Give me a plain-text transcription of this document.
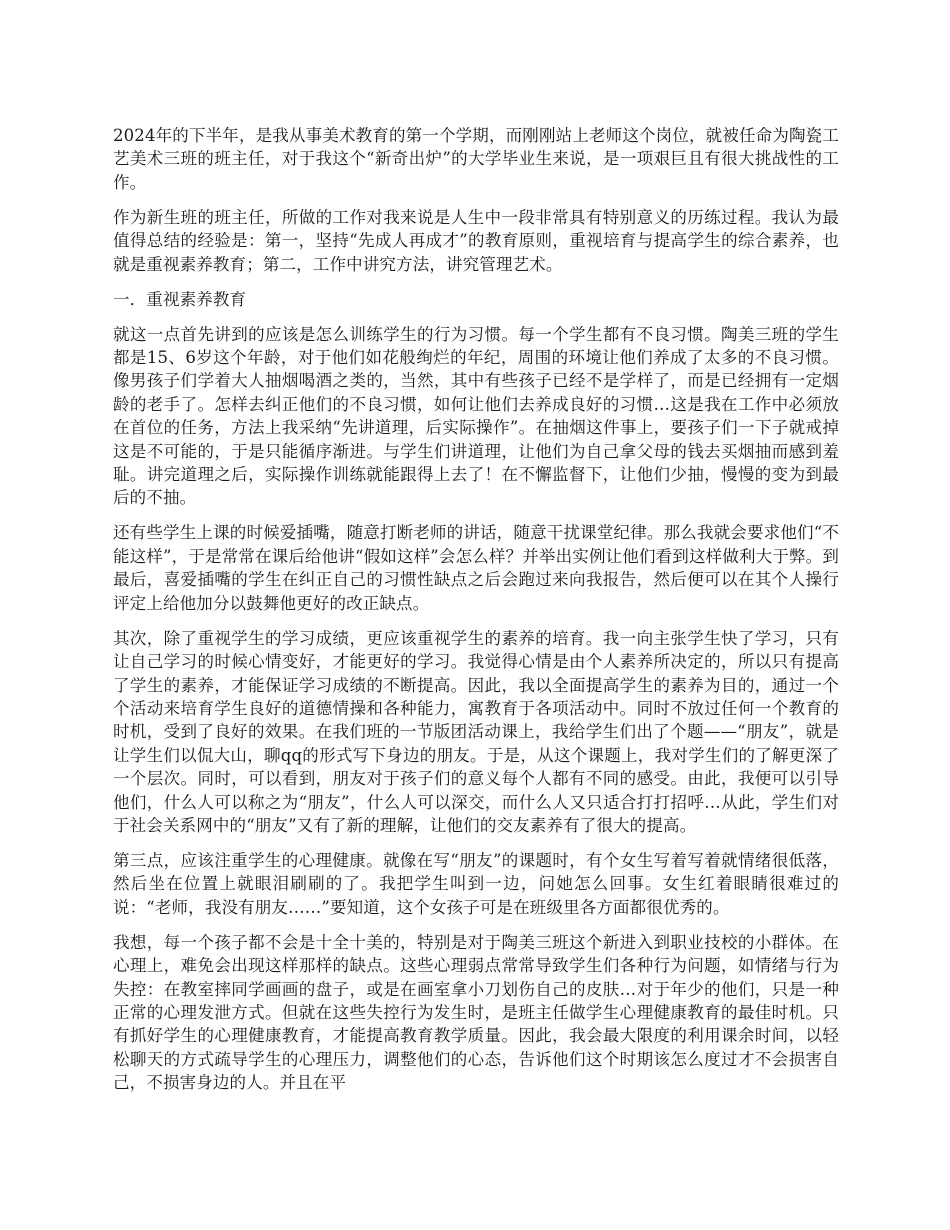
2024年的下半年，是我从事美术教育的第一个学期，而刚刚站上老师这个岗位，就被任命为陶瓷工艺美术三班的班主任，对于我这个“新奇出炉”的大学毕业生来说，是一项艰巨且有很大挑战性的工作。

作为新生班的班主任，所做的工作对我来说是人生中一段非常具有特别意义的历练过程。我认为最值得总结的经验是：第一，坚持“先成人再成才”的教育原则，重视培育与提高学生的综合素养，也就是重视素养教育；第二，工作中讲究方法，讲究管理艺术。

一．重视素养教育

就这一点首先讲到的应该是怎么训练学生的行为习惯。每一个学生都有不良习惯。陶美三班的学生都是15、6岁这个年龄，对于他们如花般绚烂的年纪，周围的环境让他们养成了太多的不良习惯。像男孩子们学着大人抽烟喝酒之类的，当然，其中有些孩子已经不是学样了，而是已经拥有一定烟龄的老手了。怎样去纠正他们的不良习惯，如何让他们去养成良好的习惯…这是我在工作中必须放在首位的任务，方法上我采纳“先讲道理，后实际操作”。在抽烟这件事上，要孩子们一下子就戒掉这是不可能的，于是只能循序渐进。与学生们讲道理，让他们为自己拿父母的钱去买烟抽而感到羞耻。讲完道理之后，实际操作训练就能跟得上去了！在不懈监督下，让他们少抽，慢慢的变为到最后的不抽。

还有些学生上课的时候爱插嘴，随意打断老师的讲话，随意干扰课堂纪律。那么我就会要求他们“不能这样”，于是常常在课后给他讲“假如这样”会怎么样？并举出实例让他们看到这样做利大于弊。到最后，喜爱插嘴的学生在纠正自己的习惯性缺点之后会跑过来向我报告，然后便可以在其个人操行评定上给他加分以鼓舞他更好的改正缺点。

其次，除了重视学生的学习成绩，更应该重视学生的素养的培育。我一向主张学生快了学习，只有让自己学习的时候心情变好，才能更好的学习。我觉得心情是由个人素养所决定的，所以只有提高了学生的素养，才能保证学习成绩的不断提高。因此，我以全面提高学生的素养为目的，通过一个个活动来培育学生良好的道德情操和各种能力，寓教育于各项活动中。同时不放过任何一个教育的时机，受到了良好的效果。在我们班的一节版团活动课上，我给学生们出了个题——“朋友”，就是让学生们以侃大山，聊qq的形式写下身边的朋友。于是，从这个课题上，我对学生们的了解更深了一个层次。同时，可以看到，朋友对于孩子们的意义每个人都有不同的感受。由此，我便可以引导他们，什么人可以称之为“朋友”，什么人可以深交，而什么人又只适合打打招呼…从此，学生们对于社会关系网中的“朋友”又有了新的理解，让他们的交友素养有了很大的提高。

第三点，应该注重学生的心理健康。就像在写“朋友”的课题时，有个女生写着写着就情绪很低落，然后坐在位置上就眼泪刷刷的了。我把学生叫到一边，问她怎么回事。女生红着眼睛很难过的说：“老师，我没有朋友……”要知道，这个女孩子可是在班级里各方面都很优秀的。

我想，每一个孩子都不会是十全十美的，特别是对于陶美三班这个新进入到职业技校的小群体。在心理上，难免会出现这样那样的缺点。这些心理弱点常常导致学生们各种行为问题，如情绪与行为失控：在教室摔同学画画的盘子，或是在画室拿小刀划伤自己的皮肤…对于年少的他们，只是一种正常的心理发泄方式。但就在这些失控行为发生时，是班主任做学生心理健康教育的最佳时机。只有抓好学生的心理健康教育，才能提高教育教学质量。因此，我会最大限度的利用课余时间，以轻松聊天的方式疏导学生的心理压力，调整他们的心态，告诉他们这个时期该怎么度过才不会损害自己，不损害身边的人。并且在平
